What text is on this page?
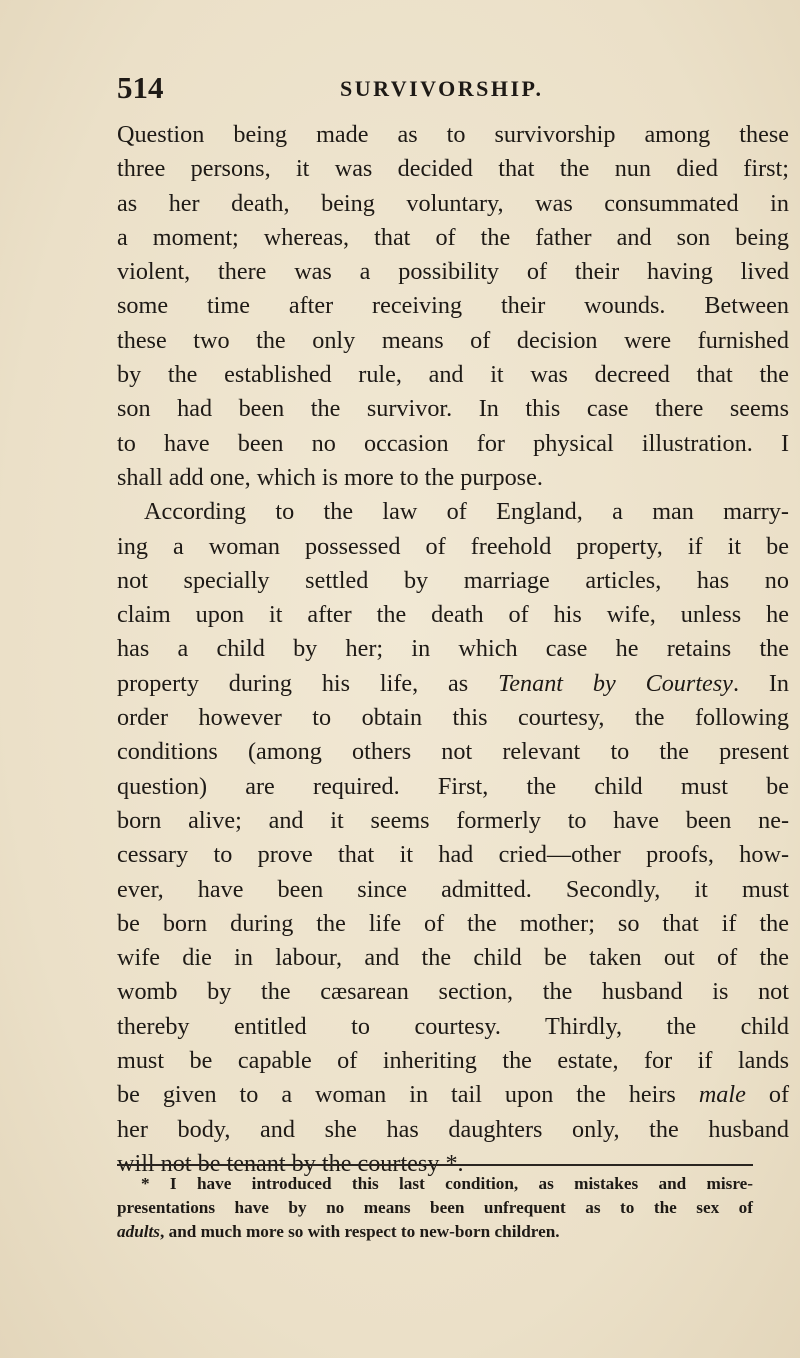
514	SURVIVORSHIP.
Question being made as to survivorship among these
three persons, it was decided that the nun died first;
as her death, being voluntary, was consummated in
a moment; whereas, that of the father and son being
violent, there was a possibility of their having lived
some time after receiving their wounds. Between
these two the only means of decision were furnished
by the established rule, and it was decreed that the
son had been the survivor. In this case there seems
to have been no occasion for physical illustration. I
shall add one, which is more to the purpose.
According to the law of England, a man marry-
ing a woman possessed of freehold property, if it be
not specially settled by marriage articles, has no
claim upon it after the death of his wife, unless he
has a child by her; in which case he retains the
property during his life, as Tenant by Courtesy. In
order however to obtain this courtesy, the following
conditions (among others not relevant to the present
question) are required. First, the child must be
born alive; and it seems formerly to have been ne-
cessary to prove that it had cried—other proofs, how-
ever, have been since admitted. Secondly, it must
be born during the life of the mother; so that if the
wife die in labour, and the child be taken out of the
womb by the cæsarean section, the husband is not
thereby entitled to courtesy. Thirdly, the child
must be capable of inheriting the estate, for if lands
be given to a woman in tail upon the heirs male of
her body, and she has daughters only, the husband
will not be tenant by the courtesy *.
* I have introduced this last condition, as mistakes and misre-
presentations have by no means been unfrequent as to the sex of
adults, and much more so with respect to new-born children.
